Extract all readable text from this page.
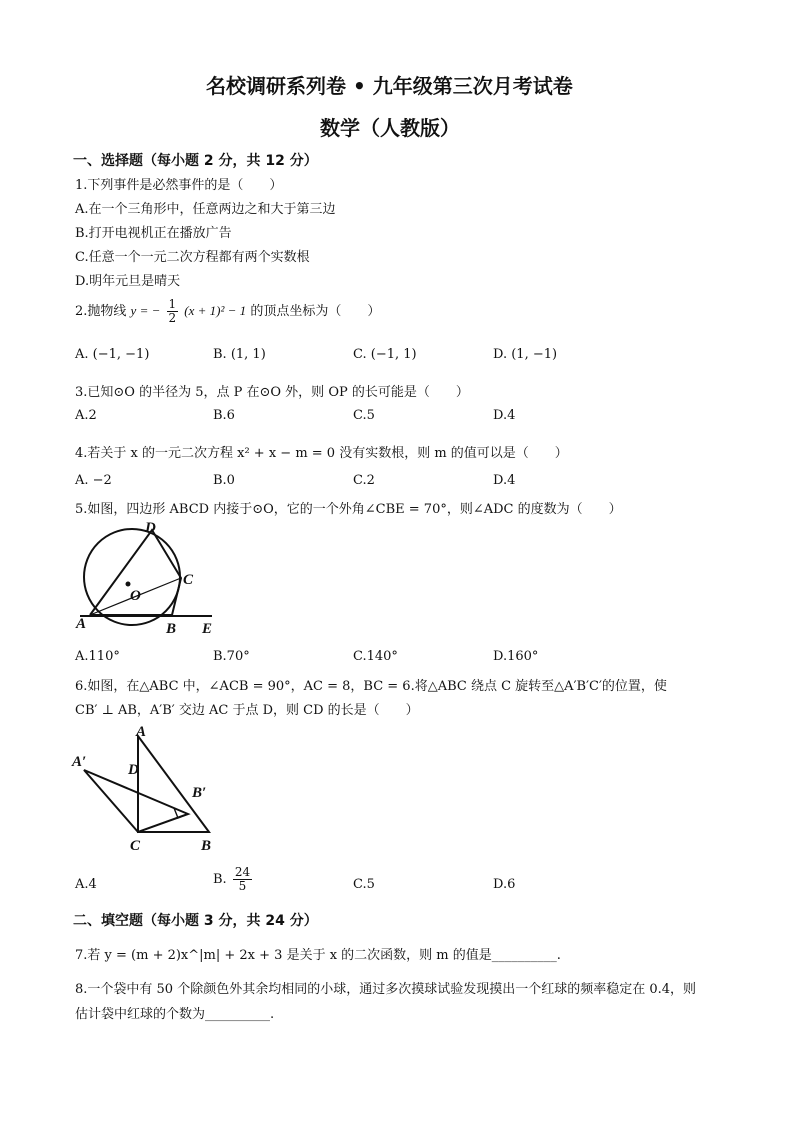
名校调研系列卷 • 九年级第三次月考试卷
数学（人教版）
一、选择题（每小题 2 分，共 12 分）
1.下列事件是必然事件的是（　　）
A.在一个三角形中，任意两边之和大于第三边
B.打开电视机正在播放广告
C.任意一个一元二次方程都有两个实数根
D.明年元旦是晴天
2.抛物线 y = − $\frac{1}{2} (x + 1)^2 - 1$ 的顶点坐标为（　　）
A. (−1, −1)	B. (1, 1)	C. (−1, 1)	D. (1, −1)
3.已知⊙O 的半径为 5，点 P 在⊙O 外，则 OP 的长可能是（　　）
A.2	B.6	C.5	D.4
4.若关于 x 的一元二次方程 x² + x − m = 0 没有实数根，则 m 的值可以是（　　）
A. −2	B.0	C.2	D.4
5.如图，四边形 ABCD 内接于⊙O，它的一个外角∠CBE = 70°，则∠ADC 的度数为（　　）
D
C
O
A	B E
A.110°	B.70°	C.140°	D.160°
6.如图，在△ABC 中，∠ACB = 90°，AC = 8，BC = 6.将△ABC 绕点 C 旋转至△A′B′C′的位置，使
CB′ ⊥ AB，A′B′ 交边 AC 于点 D，则 CD 的长是（　　）
A
A′	D
B′
C	B
A.4	B. $\frac{24}{5}$	C.5	D.6
二、填空题（每小题 3 分，共 24 分）
7.若 y = (m + 2)x^|m| + 2x + 3 是关于 x 的二次函数，则 m 的值是__________.
8.一个袋中有 50 个除颜色外其余均相同的小球，通过多次摸球试验发现摸出一个红球的频率稳定在 0.4，则
估计袋中红球的个数为__________.
